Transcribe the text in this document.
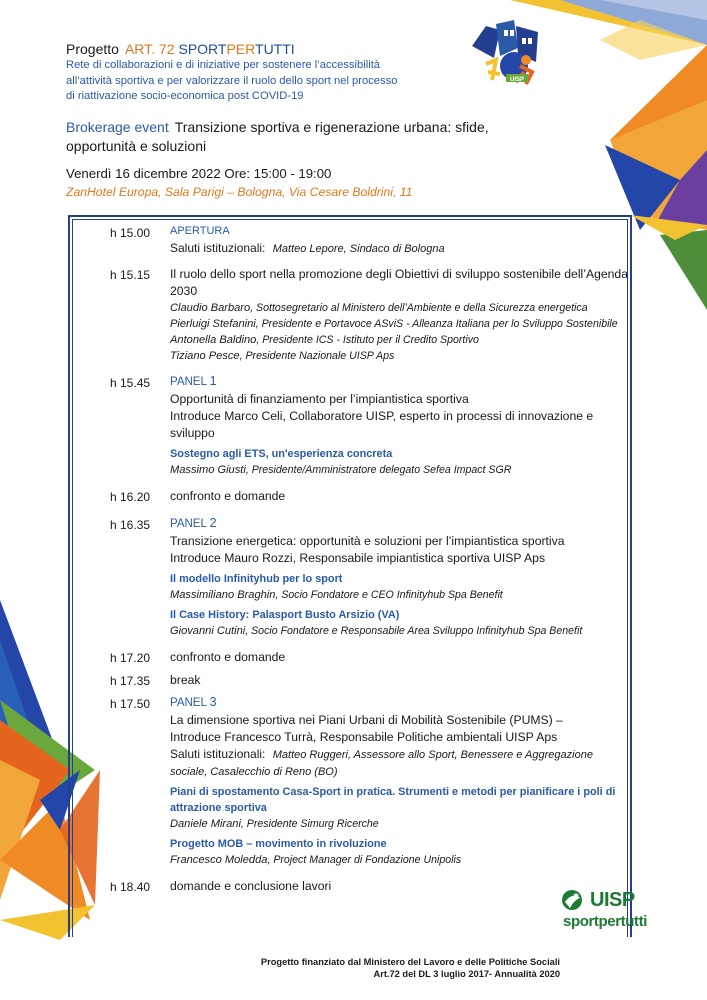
Progetto ART. 72 SPORTPERTUTTI
Rete di collaborazioni e di iniziative per sostenere l’accessibilità
all’attività sportiva e per valorizzare il ruolo dello sport nel processo
di riattivazione socio-economica post COVID-19
Brokerage event Transizione sportiva e rigenerazione urbana: sfide, opportunità e soluzioni
Venerdì 16 dicembre 2022 Ore: 15:00 - 19:00
ZanHotel Europa, Sala Parigi – Bologna, Via Cesare Boldrini, 11
UISP
h 15.00	APERTURA
Saluti istituzionali: Matteo Lepore, Sindaco di Bologna
h 15.15	Il ruolo dello sport nella promozione degli Obiettivi di sviluppo sostenibile dell’Agenda 2030
Claudio Barbaro, Sottosegretario al Ministero dell’Ambiente e della Sicurezza energetica
Pierluigi Stefanini, Presidente e Portavoce ASviS - Alleanza Italiana per lo Sviluppo Sostenibile
Antonella Baldino, Presidente ICS - Istituto per il Credito Sportivo
Tiziano Pesce, Presidente Nazionale UISP Aps
h 15.45	PANEL 1
Opportunità di finanziamento per l’impiantistica sportiva
Introduce Marco Celi, Collaboratore UISP, esperto in processi di innovazione e sviluppo
Sostegno agli ETS, un'esperienza concreta
Massimo Giusti, Presidente/Amministratore delegato Sefea Impact SGR
h 16.20	confronto e domande
h 16.35	PANEL 2
Transizione energetica: opportunità e soluzioni per l’impiantistica sportiva
Introduce Mauro Rozzi, Responsabile impiantistica sportiva UISP Aps
Il modello Infinityhub per lo sport
Massimiliano Braghin, Socio Fondatore e CEO Infinityhub Spa Benefit
Il Case History: Palasport Busto Arsizio (VA)
Giovanni Cutini, Socio Fondatore e Responsabile Area Sviluppo Infinityhub Spa Benefit
h 17.20	confronto e domande
h 17.35	break
h 17.50	PANEL 3
La dimensione sportiva nei Piani Urbani di Mobilità Sostenibile (PUMS) –
Introduce Francesco Turrà, Responsabile Politiche ambientali UISP Aps
Saluti istituzionali: Matteo Ruggeri, Assessore allo Sport, Benessere e Aggregazione sociale, Casalecchio di Reno (BO)
Piani di spostamento Casa-Sport in pratica. Strumenti e metodi per pianificare i poli di attrazione sportiva
Daniele Mirani, Presidente Simurg Ricerche
Progetto MOB – movimento in rivoluzione
Francesco Moledda, Project Manager di Fondazione Unipolis
h 18.40	domande e conclusione lavori
UISP
sportpertutti
Progetto finanziato dal Ministero del Lavoro e delle Politiche Sociali
Art.72 del DL 3 luglio 2017- Annualità 2020
